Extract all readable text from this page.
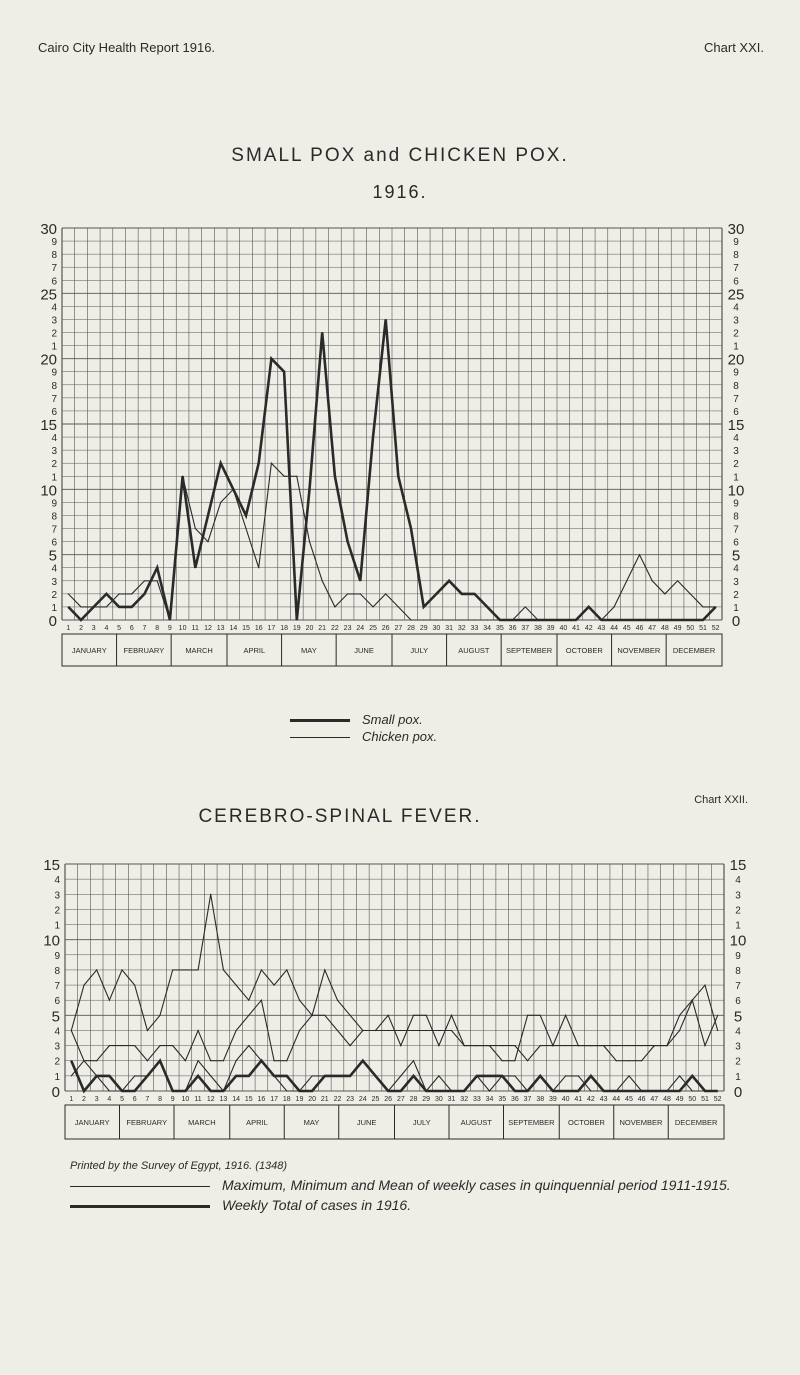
Cairo City Health Report 1916.	Chart XXI.
SMALL POX and CHICKEN POX.
1916.
30	30
9	9
8	8
7	7
6	6
25	25
4	4
3	3
2	2
1	1
20	20
9	9
8	8
7	7
6	6
15	15
4	4
3	3
2	2
1	1
10	10
9	9
8	8
7	7
6	6
5	5
4	4
3	3
2	2
1	1
0	0
1 2 3 4 5 6 7 8 9 10 11 12 13 14 15 16 17 18 19 20 21 22 23 24 25 26 27 28 29 30 31 32 33 34 35 36 37 38 39 40 41 42 43 44 45 46 47 48 49 50 51 52
JANUARY FEBRUARY	MARCH	APRIL	MAY	JUNE	JULY	AUGUST SEPTEMBER OCTOBER NOVEMBER DECEMBER
15	15
4	4
3	3
2	2
1	1
10	10
9	9
8	8
7	7
6	6
5	5
4	4
3	3
2	2
1	1
0	0
1 2 3 4 5 6 7 8 9 10 11 12 13 14 15 16 17 18 19 20 21 22 23 24 25 26 27 28 29 30 31 32 33 34 35 36 37 38 39 40 41 42 43 44 45 46 47 48 49 50 51 52
JANUARY FEBRUARY	MARCH	APRIL	MAY	JUNE	JULY	AUGUST SEPTEMBER OCTOBER NOVEMBER DECEMBER
Small pox.
Chicken pox.
CEREBRO-SPINAL FEVER.
Chart XXII.
Printed by the Survey of Egypt, 1916. (1348)
Maximum, Minimum and Mean of weekly cases in quinquennial period 1911-1915.
Weekly Total of cases in 1916.
